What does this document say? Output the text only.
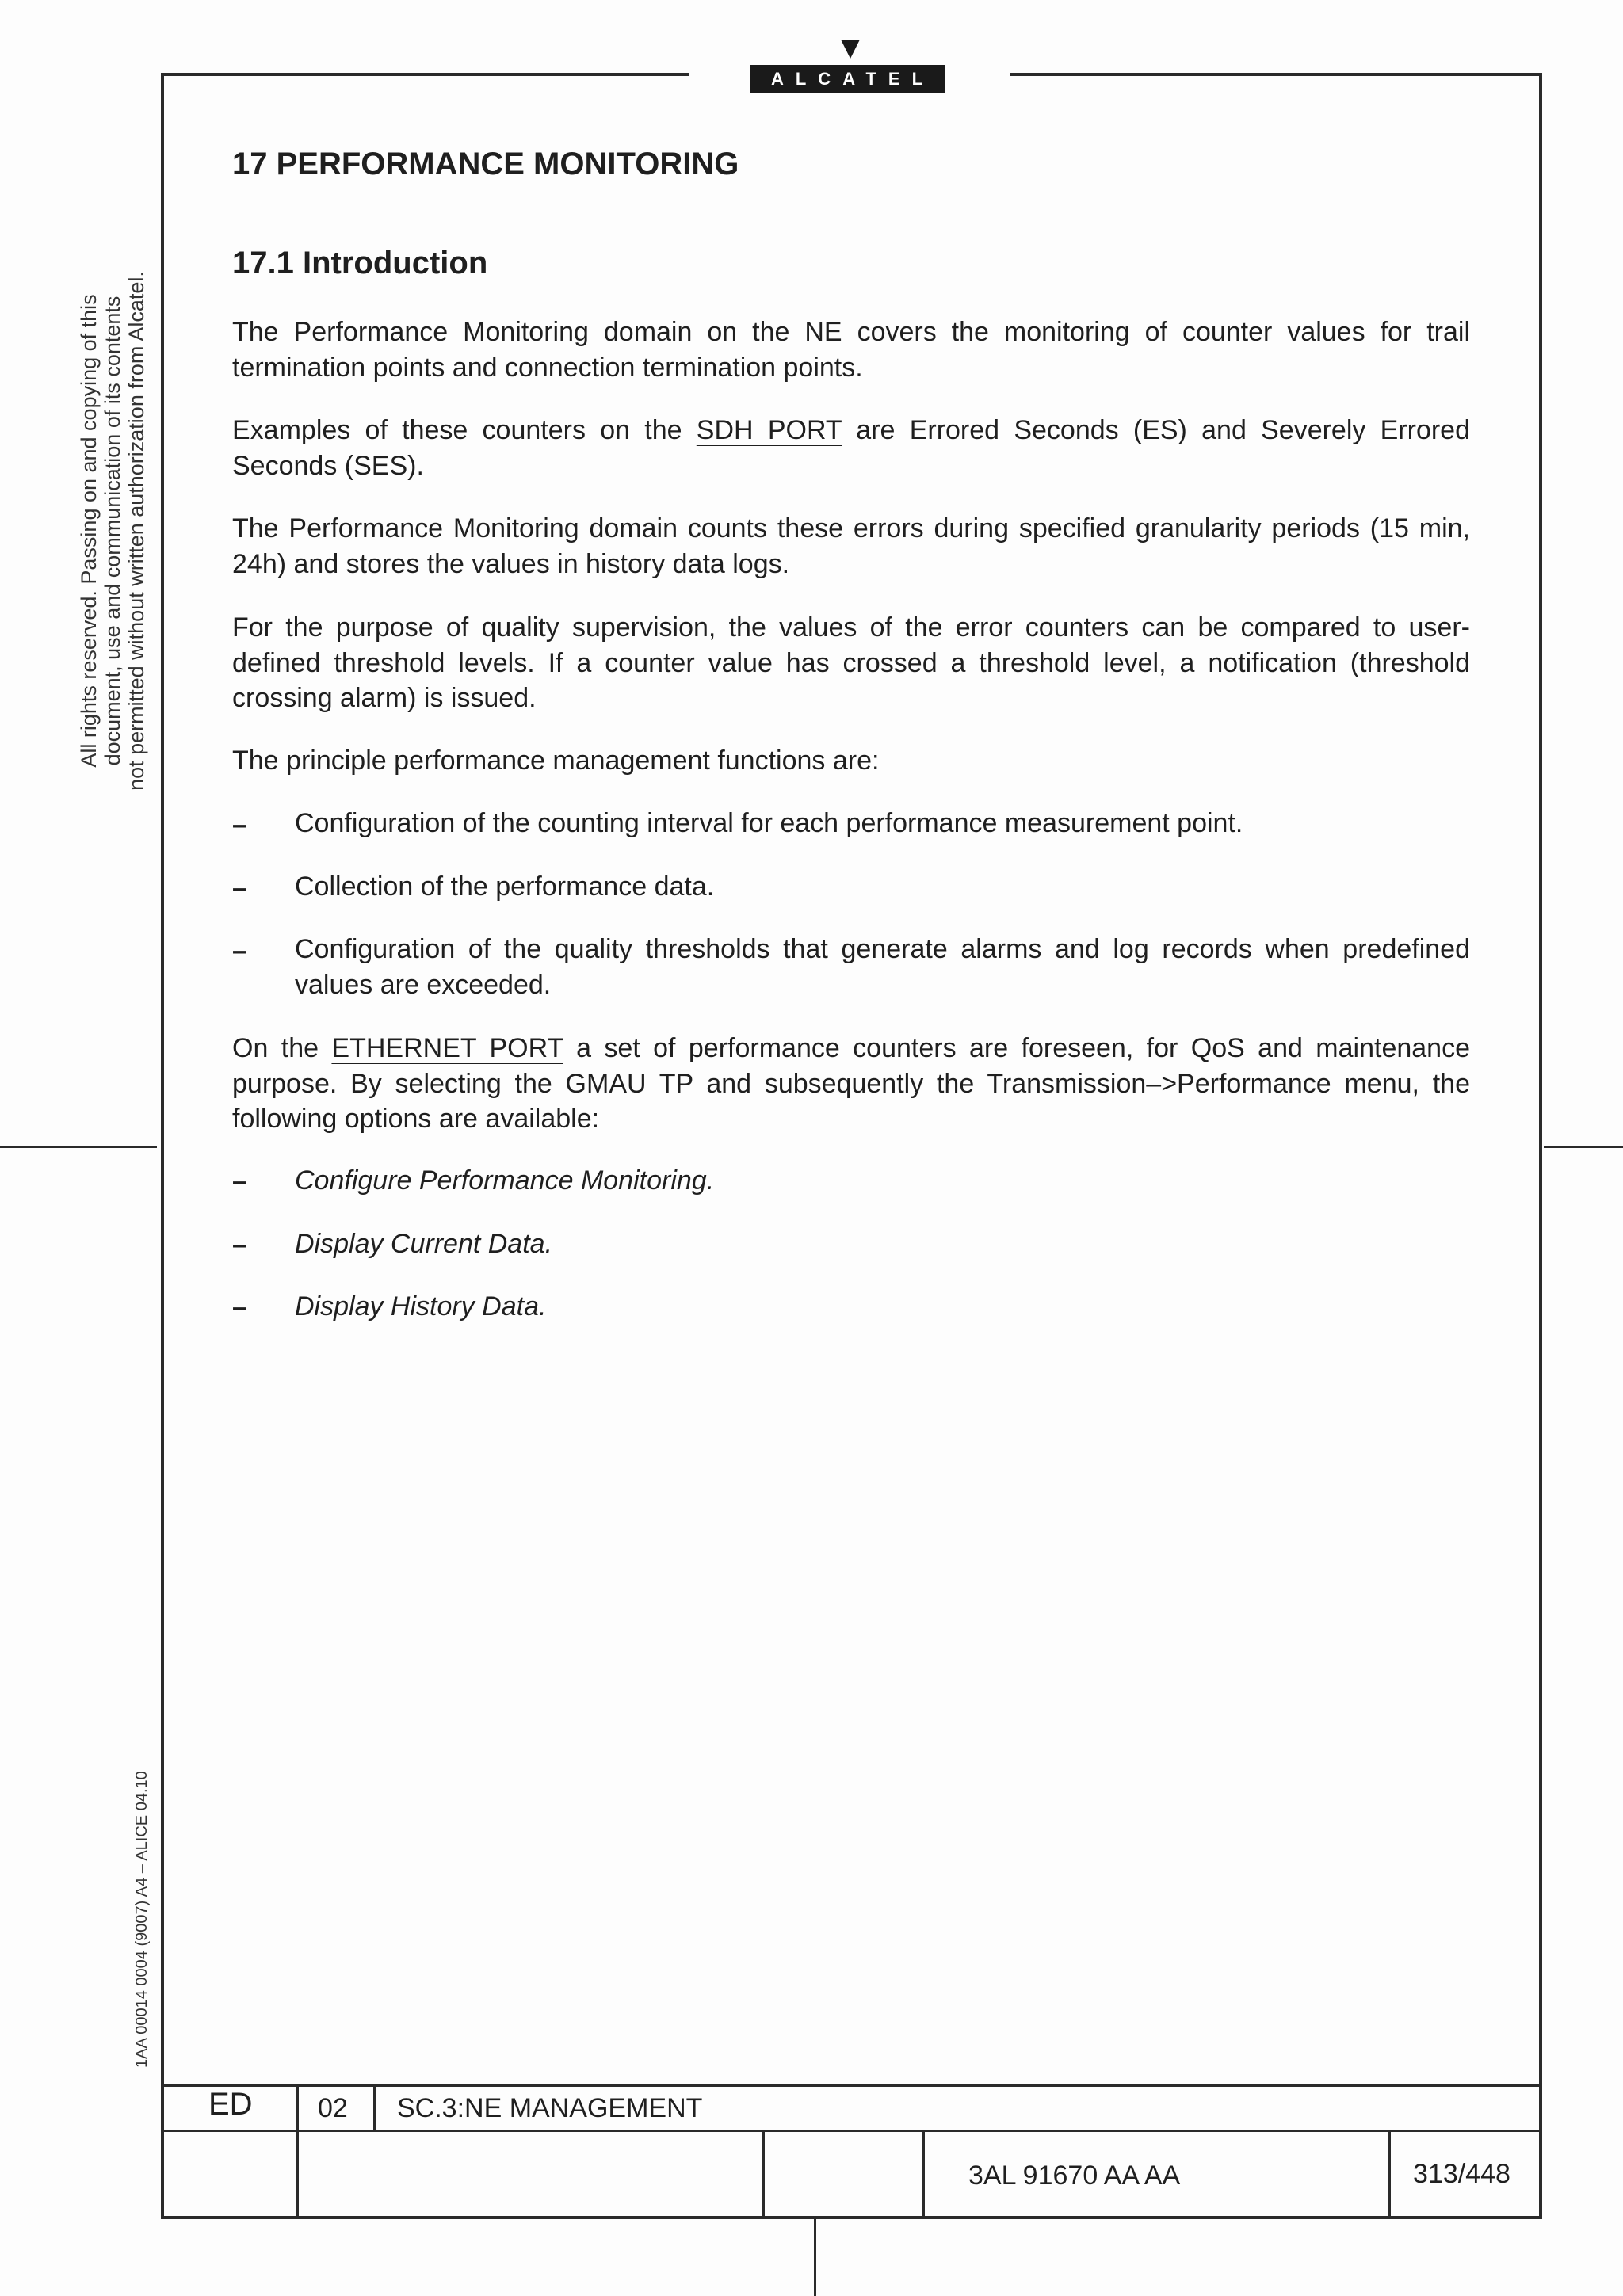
ALCATEL
All rights reserved. Passing on and copying of this document, use and communication of its contents not permitted without written authorization from Alcatel.
1AA 00014 0004 (9007) A4 – ALICE 04.10
17 PERFORMANCE MONITORING
17.1 Introduction

The Performance Monitoring domain on the NE covers the monitoring of counter values for trail termination points and connection termination points.

Examples of these counters on the SDH PORT are Errored Seconds (ES) and Severely Errored Seconds (SES).

The Performance Monitoring domain counts these errors during specified granularity periods (15 min, 24h) and stores the values in history data logs.

For the purpose of quality supervision, the values of the error counters can be compared to user-defined threshold levels. If a counter value has crossed a threshold level, a notification (threshold crossing alarm) is issued.

The principle performance management functions are:

– Configuration of the counting interval for each performance measurement point.

– Collection of the performance data.

– Configuration of the quality thresholds that generate alarms and log records when predefined values are exceeded.

On the ETHERNET PORT a set of performance counters are foreseen, for QoS and maintenance purpose. By selecting the GMAU TP and subsequently the Transmission–>Performance menu, the following options are available:

– Configure Performance Monitoring.

– Display Current Data.

– Display History Data.

ED 02 SC.3:NE MANAGEMENT
3AL 91670 AA AA	313/448
